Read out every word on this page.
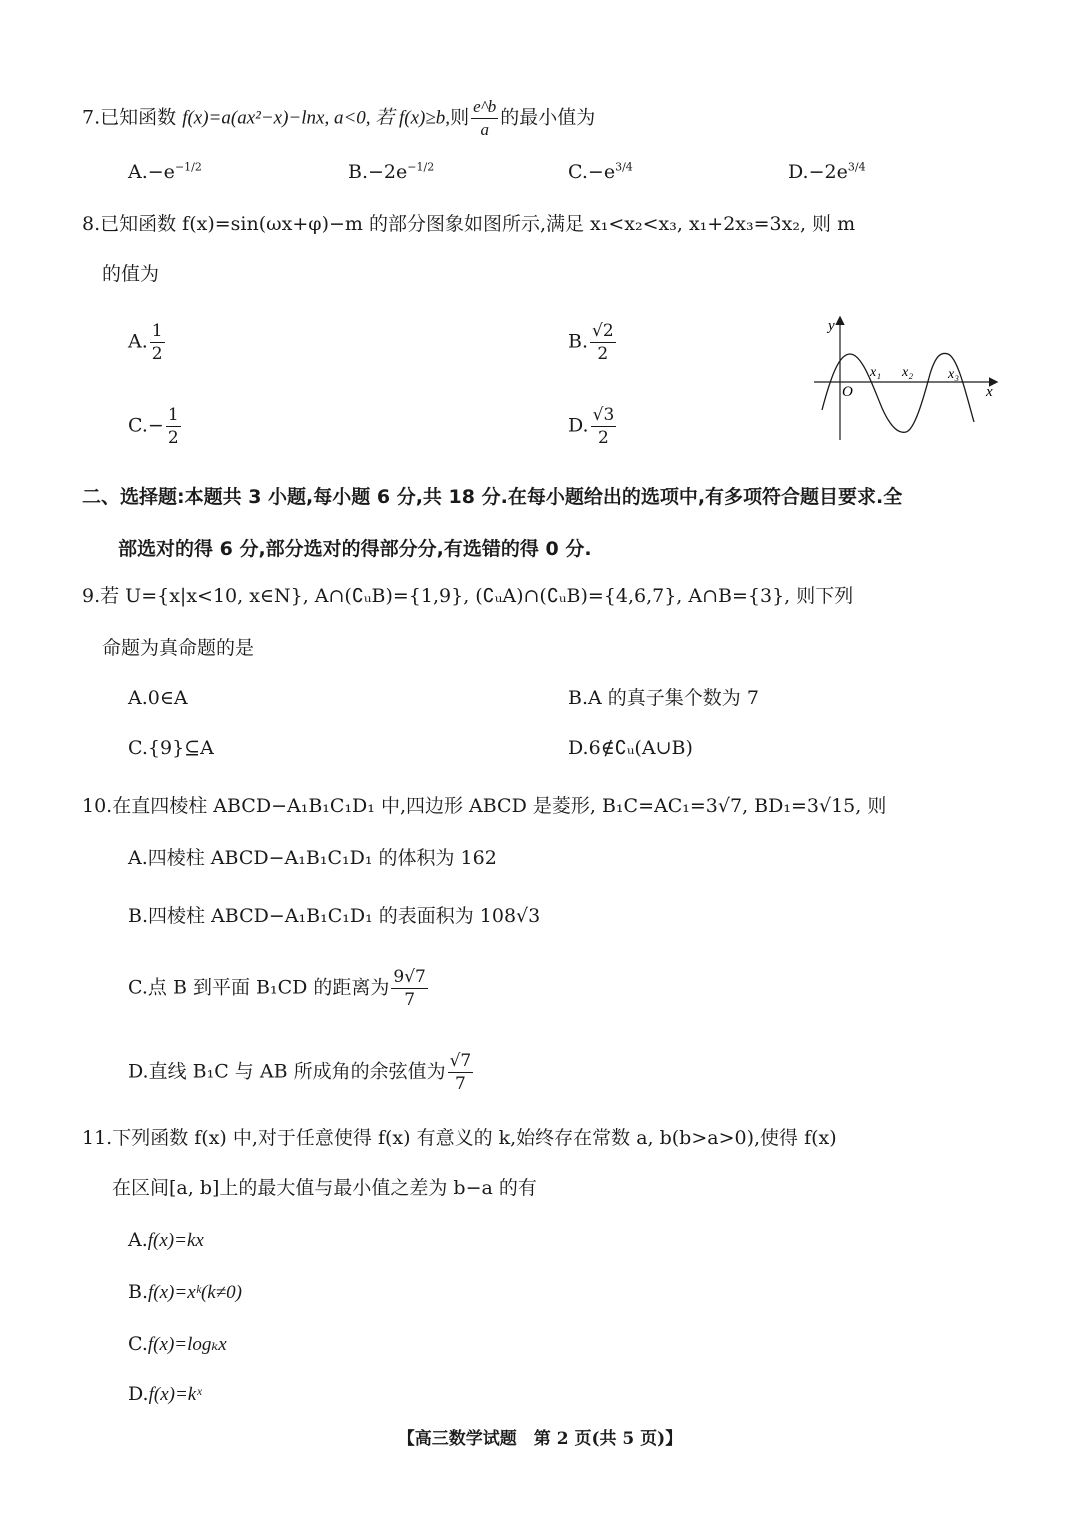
7.已知函数 f(x)=a(ax²−x)−lnx, a<0, 若 f(x)≥b,则 $\frac{e\^{}b}{a}$ 的最小值为
$A.-e^{-1/2}$	$B.-2e^{-1/2}$	$C.-e^{3/4}$	$D.-2e^{3/4}$
8.已知函数 f(x)=sin(ωx+φ)−m 的部分图象如图所示,满足 x₁<x₂<x₃, x₁+2x₃=3x₂, 则 m
的值为
A. $\frac{1}{2}$	B. $\frac{√2}{2}$
$C.- \frac{1}{2}$	D. $\frac{√3}{2}$
y
x
O
x₁ x₂ x₃
二、选择题:本题共 3 小题,每小题 6 分,共 18 分.在每小题给出的选项中,有多项符合题目要求.全
部选对的得 6 分,部分选对的得部分分,有选错的得 0 分.
9.若 U={x|x<10, x∈N}, A∩(∁ᵤB)={1,9}, (∁ᵤA)∩(∁ᵤB)={4,6,7}, A∩B={3}, 则下列
命题为真命题的是
A.0∈A	B.A 的真子集个数为 7
C.{9}⊆A	D.6∉∁ᵤ(A∪B)
10.在直四棱柱 ABCD−A₁B₁C₁D₁ 中,四边形 ABCD 是菱形, B₁C=AC₁=3√7, BD₁=3√15, 则
A.四棱柱 ABCD−A₁B₁C₁D₁ 的体积为 162
B.四棱柱 ABCD−A₁B₁C₁D₁ 的表面积为 108√3
C.点 B 到平面 B₁CD 的距离为 $\frac{9√7}{7}$
D.直线 B₁C 与 AB 所成角的余弦值为 $\frac{√7}{7}$
11.下列函数 f(x) 中,对于任意使得 f(x) 有意义的 k,始终存在常数 a, b(b>a>0),使得 f(x)
在区间[a, b]上的最大值与最小值之差为 b−a 的有
A.f(x)=kx
B.f(x)=xᵏ(k≠0)
C.f(x)=logₖx
D.f(x)=kˣ
【高三数学试题　第 2 页(共 5 页)】
